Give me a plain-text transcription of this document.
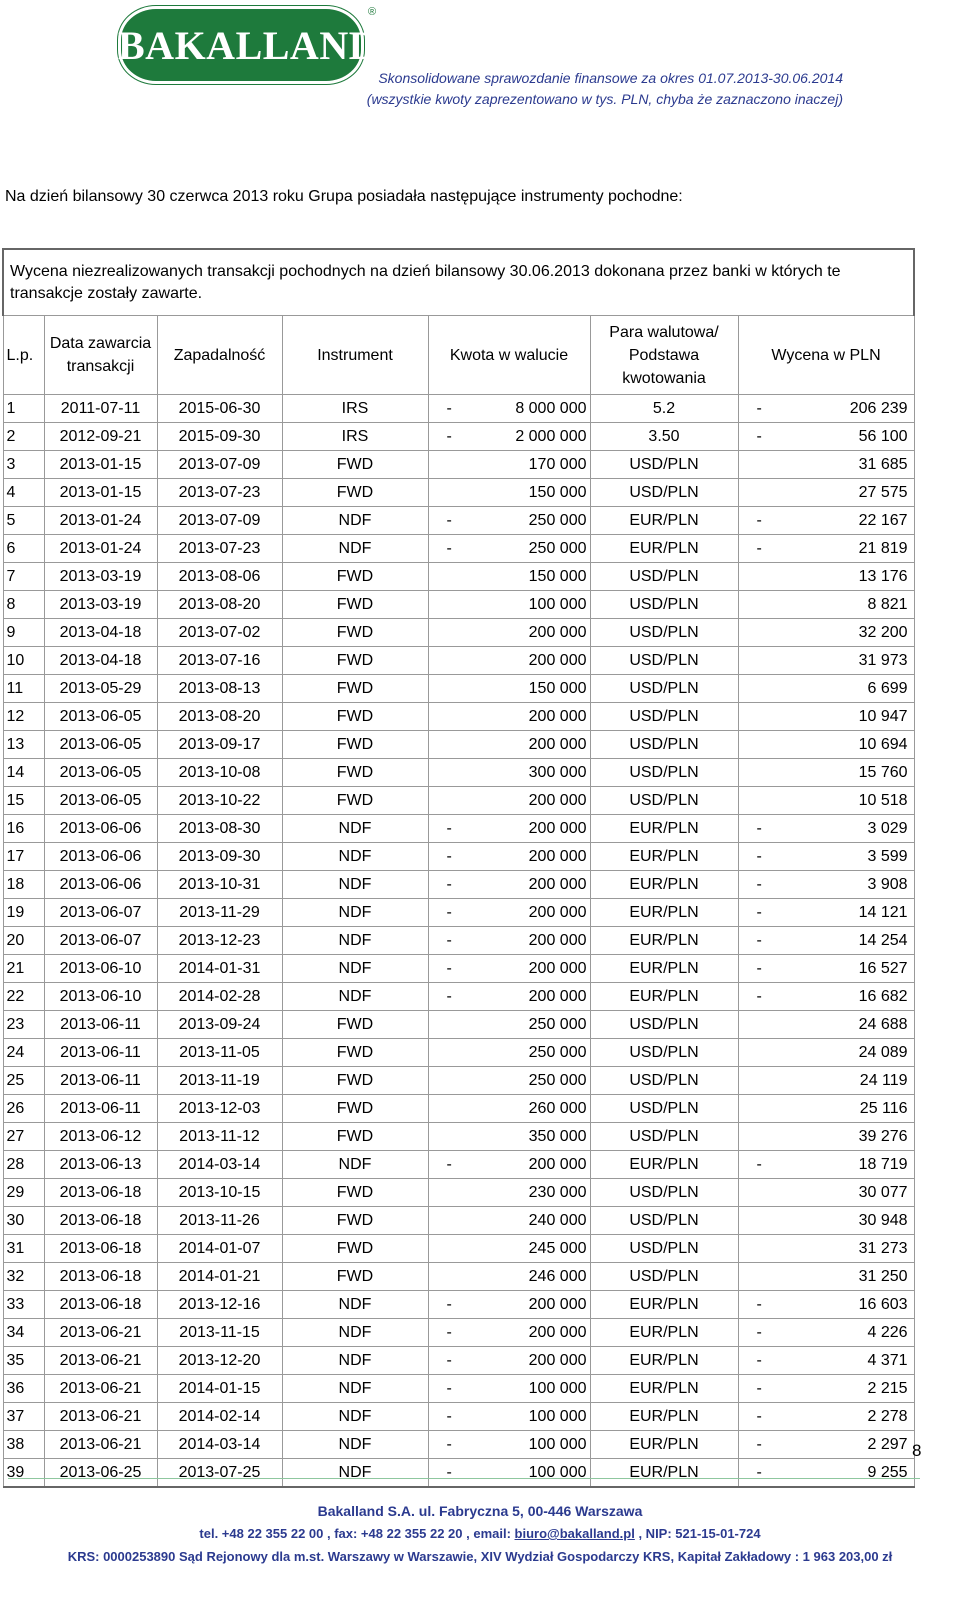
BAKALLAND
®
Skonsolidowane sprawozdanie finansowe za okres 01.07.2013-30.06.2014
(wszystkie kwoty zaprezentowano w tys. PLN, chyba że zaznaczono inaczej)
Na dzień bilansowy 30 czerwca 2013 roku Grupa posiadała następujące instrumenty pochodne:
Wycena niezrealizowanych transakcji pochodnych na dzień bilansowy 30.06.2013 dokonana przez banki w których te transakcje zostały zawarte.								
L.p.	Data zawarcia transakcji	Zapadalność	Instrument	Kwota w walucie		Para walutowa/ Podstawa kwotowania	Wycena w PLN	
1	2011-07-11	2015-06-30	IRS	-	8 000 000	5.2	-	206 239
2	2012-09-21	2015-09-30	IRS	-	2 000 000	3.50	-	56 100
3	2013-01-15	2013-07-09	FWD		170 000	USD/PLN		31 685
4	2013-01-15	2013-07-23	FWD		150 000	USD/PLN		27 575
5	2013-01-24	2013-07-09	NDF	-	250 000	EUR/PLN	-	22 167
6	2013-01-24	2013-07-23	NDF	-	250 000	EUR/PLN	-	21 819
7	2013-03-19	2013-08-06	FWD		150 000	USD/PLN		13 176
8	2013-03-19	2013-08-20	FWD		100 000	USD/PLN		8 821
9	2013-04-18	2013-07-02	FWD		200 000	USD/PLN		32 200
10	2013-04-18	2013-07-16	FWD		200 000	USD/PLN		31 973
11	2013-05-29	2013-08-13	FWD		150 000	USD/PLN		6 699
12	2013-06-05	2013-08-20	FWD		200 000	USD/PLN		10 947
13	2013-06-05	2013-09-17	FWD		200 000	USD/PLN		10 694
14	2013-06-05	2013-10-08	FWD		300 000	USD/PLN		15 760
15	2013-06-05	2013-10-22	FWD		200 000	USD/PLN		10 518
16	2013-06-06	2013-08-30	NDF	-	200 000	EUR/PLN	-	3 029
17	2013-06-06	2013-09-30	NDF	-	200 000	EUR/PLN	-	3 599
18	2013-06-06	2013-10-31	NDF	-	200 000	EUR/PLN	-	3 908
19	2013-06-07	2013-11-29	NDF	-	200 000	EUR/PLN	-	14 121
20	2013-06-07	2013-12-23	NDF	-	200 000	EUR/PLN	-	14 254
21	2013-06-10	2014-01-31	NDF	-	200 000	EUR/PLN	-	16 527
22	2013-06-10	2014-02-28	NDF	-	200 000	EUR/PLN	-	16 682
23	2013-06-11	2013-09-24	FWD		250 000	USD/PLN		24 688
24	2013-06-11	2013-11-05	FWD		250 000	USD/PLN		24 089
25	2013-06-11	2013-11-19	FWD		250 000	USD/PLN		24 119
26	2013-06-11	2013-12-03	FWD		260 000	USD/PLN		25 116
27	2013-06-12	2013-11-12	FWD		350 000	USD/PLN		39 276
28	2013-06-13	2014-03-14	NDF	-	200 000	EUR/PLN	-	18 719
29	2013-06-18	2013-10-15	FWD		230 000	USD/PLN		30 077
30	2013-06-18	2013-11-26	FWD		240 000	USD/PLN		30 948
31	2013-06-18	2014-01-07	FWD		245 000	USD/PLN		31 273
32	2013-06-18	2014-01-21	FWD		246 000	USD/PLN		31 250
33	2013-06-18	2013-12-16	NDF	-	200 000	EUR/PLN	-	16 603
34	2013-06-21	2013-11-15	NDF	-	200 000	EUR/PLN	-	4 226
35	2013-06-21	2013-12-20	NDF	-	200 000	EUR/PLN	-	4 371
36	2013-06-21	2014-01-15	NDF	-	100 000	EUR/PLN	-	2 215
37	2013-06-21	2014-02-14	NDF	-	100 000	EUR/PLN	-	2 278
38	2013-06-21	2014-03-14	NDF	-	100 000	EUR/PLN	-	2 297
39	2013-06-25	2013-07-25	NDF	-	100 000	EUR/PLN	-	9 255
8
Bakalland S.A. ul. Fabryczna 5, 00-446 Warszawa
tel. +48 22 355 22 00 , fax: +48 22 355 22 20 , email: biuro@bakalland.pl , NIP: 521-15-01-724
KRS: 0000253890 Sąd Rejonowy dla m.st. Warszawy w Warszawie, XIV Wydział Gospodarczy KRS, Kapitał Zakładowy : 1 963 203,00 zł
